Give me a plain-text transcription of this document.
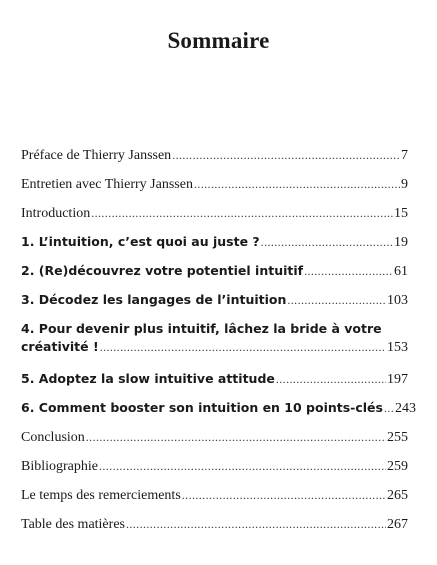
Sommaire
Préface de Thierry Janssen .....	7
Entretien avec Thierry Janssen .....	9
Introduction .....	15
1. L’intuition, c’est quoi au juste ? .....	19
2. (Re)découvrez votre potentiel intuitif .....	61
3. Décodez les langages de l’intuition .....	103
4. Pour devenir plus intuitif, lâchez la bride à votre
créativité ! .....	153
5. Adoptez la slow intuitive attitude .....	197
6. Comment booster son intuition en 10 points-clés ..... 243
Conclusion .....	255
Bibliographie .....	259
Le temps des remerciements .....	265
Table des matières .....	267
